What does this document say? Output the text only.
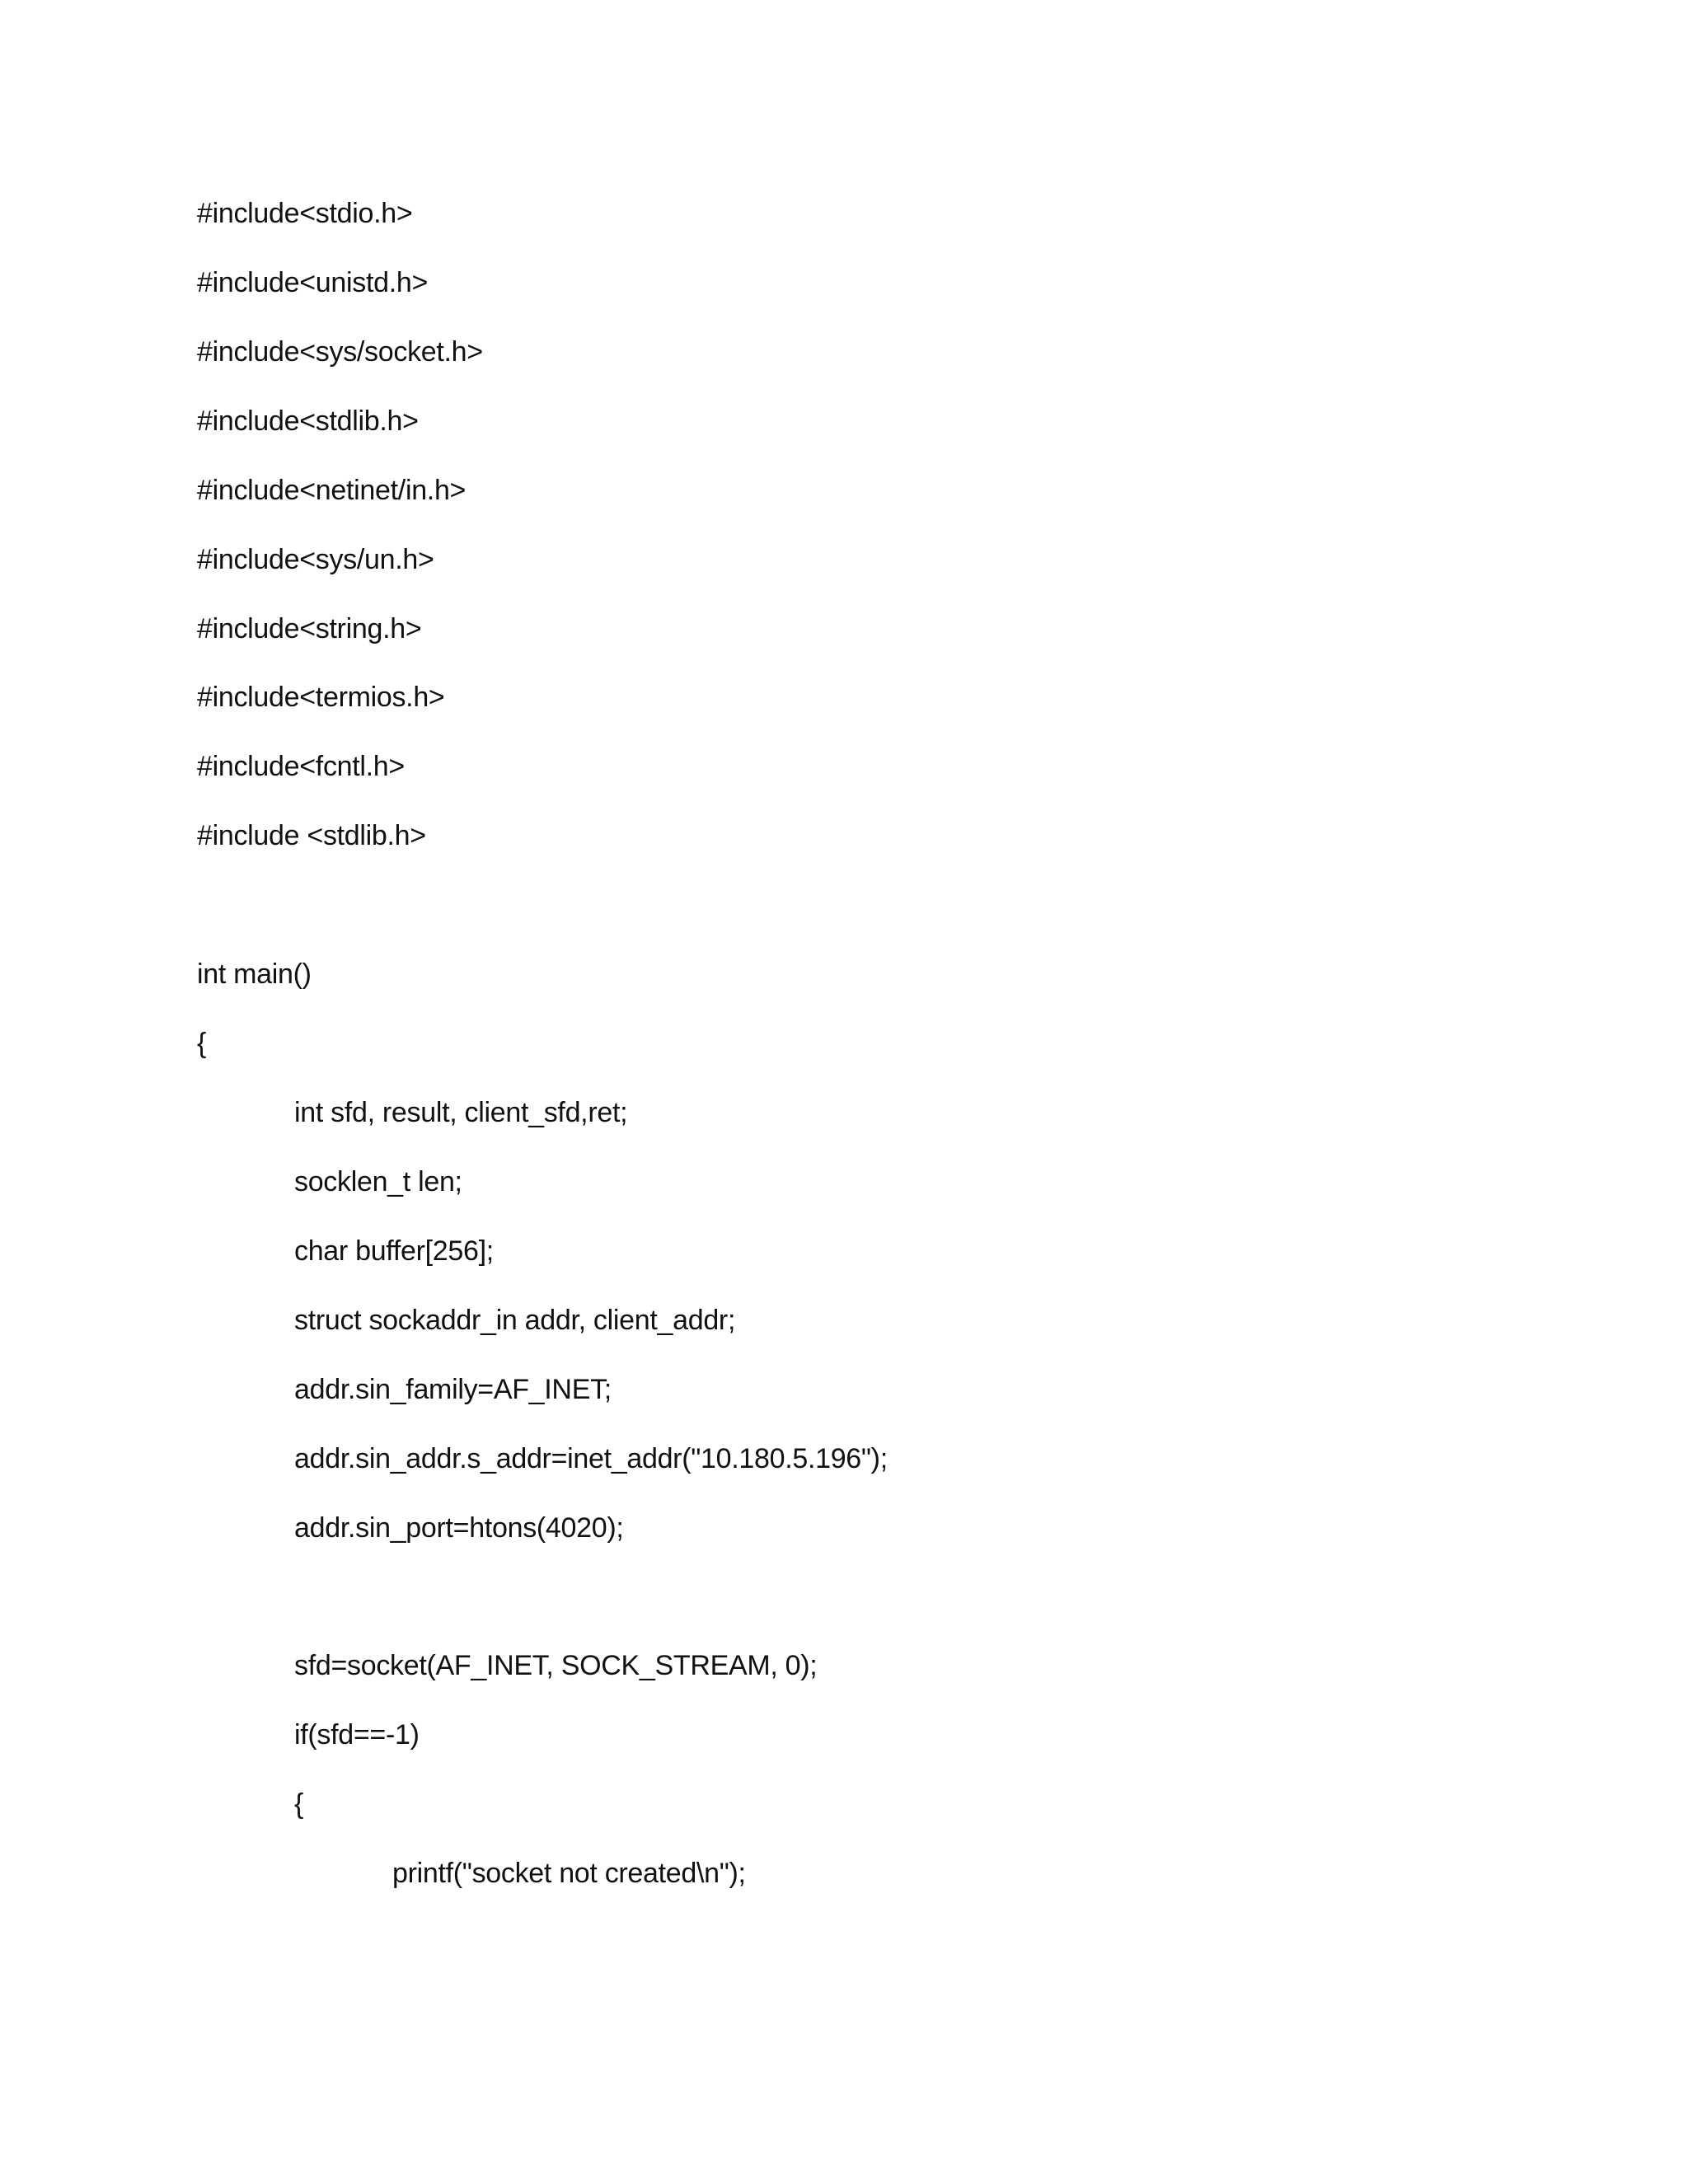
#include<stdio.h>
#include<unistd.h>
#include<sys/socket.h>
#include<stdlib.h>
#include<netinet/in.h>
#include<sys/un.h>
#include<string.h>
#include<termios.h>
#include<fcntl.h>
#include <stdlib.h>
int main()
{
int sfd, result, client_sfd,ret;
socklen_t len;
char buffer[256];
struct sockaddr_in addr, client_addr;
addr.sin_family=AF_INET;
addr.sin_addr.s_addr=inet_addr("10.180.5.196");
addr.sin_port=htons(4020);
sfd=socket(AF_INET, SOCK_STREAM, 0);
if(sfd==-1)
{
printf("socket not created\n");
